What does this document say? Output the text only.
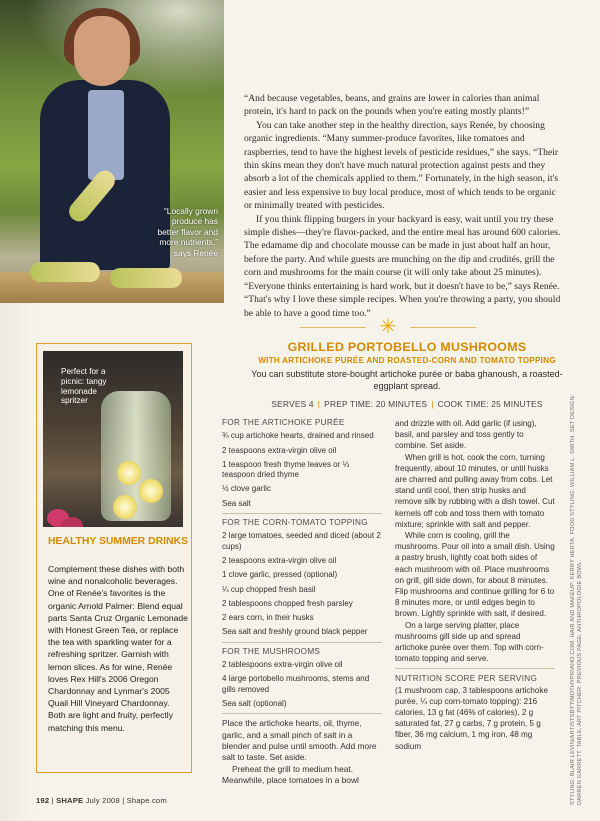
“Locally grown produce has better flavor and more nutrients,” says Renée

“And because vegetables, beans, and grains are lower in calories than animal protein, it's hard to pack on the pounds when you're eating mostly plants!”

You can take another step in the healthy direction, says Renée, by choosing organic ingredients. “Many summer-produce favorites, like tomatoes and raspberries, tend to have the highest levels of pesticide residues,” she says. “Their thin skins mean they don't have much natural protection against pests and they absorb a lot of the chemicals applied to them.” Fortunately, in the high season, it's easier and less expensive to buy local produce, most of which tends to be organic or minimally treated with pesticides.

If you think flipping burgers in your backyard is easy, wait until you try these simple dishes—they're flavor-packed, and the entire meal has around 600 calories. The edamame dip and chocolate mousse can be made in just about half an hour, before the party. And while guests are munching on the dip and crudités, grill the corn and mushrooms for the main course (it will only take about 25 minutes). “Everyone thinks entertaining is hard work, but it doesn't have to be,” says Renée. “That's why I love these simple recipes. When you're throwing a party, you should be able to have a good time too.”

✳
GRILLED PORTOBELLO MUSHROOMS
WITH ARTICHOKE PURÉE AND ROASTED-CORN AND TOMATO TOPPING
You can substitute store-bought artichoke purée or baba ghanoush, a roasted-eggplant spread.
SERVES 4 | PREP TIME: 20 MINUTES | COOK TIME: 25 MINUTES
Perfect for a picnic: tangy lemonade spritzer
HEALTHY SUMMER DRINKS
Complement these dishes with both wine and nonalcoholic beverages. One of Renée's favorites is the organic Arnold Palmer: Blend equal parts Santa Cruz Organic Lemonade with Honest Green Tea, or replace the tea with sparkling water for a refreshing spritzer. Garnish with lemon slices. As for wine, Renée loves Rex Hill's 2006 Oregon Chardonnay and Lynmar's 2005 Quail Hill Vineyard Chardonnay. Both are light and fruity, perfectly matching this menu.
FOR THE ARTICHOKE PURÉE
¾ cup artichoke hearts, drained and rinsed
2 teaspoons extra-virgin olive oil
1 teaspoon fresh thyme leaves or ⅓ teaspoon dried thyme
½ clove garlic
Sea salt
FOR THE CORN-TOMATO TOPPING
2 large tomatoes, seeded and diced (about 2 cups)
2 teaspoons extra-virgin olive oil
1 clove garlic, pressed (optional)
¼ cup chopped fresh basil
2 tablespoons chopped fresh parsley
2 ears corn, in their husks
Sea salt and freshly ground black pepper
FOR THE MUSHROOMS
2 tablespoons extra-virgin olive oil
4 large portobello mushrooms, stems and gills removed
Sea salt (optional)

Place the artichoke hearts, oil, thyme, garlic, and a small pinch of salt in a blender and pulse until smooth. Add more salt to taste. Set aside.

Preheat the grill to medium heat. Meanwhile, place tomatoes in a bowl

and drizzle with oil. Add garlic (if using), basil, and parsley and toss gently to combine. Set aside.

When grill is hot, cook the corn, turning frequently, about 10 minutes, or until husks are charred and pulling away from cobs. Let stand until cool, then strip husks and remove silk by rubbing with a dish towel. Cut kernels off cob and toss them with tomato mixture; sprinkle with salt and pepper.

While corn is cooling, grill the mushrooms. Pour oil into a small dish. Using a pastry brush, lightly coat both sides of each mushroom with oil. Place mushrooms on grill, gill side down, for about 8 minutes. Flip mushrooms and continue grilling for 6 to 8 minutes more, or until edges begin to brown. Lightly sprinkle with salt, if desired.

On a large serving platter, place mushrooms gill side up and spread artichoke purée over them. Top with corn-tomato topping and serve.

NUTRITION SCORE PER SERVING

(1 mushroom cap, 3 tablespoons artichoke purée, ¼ cup corn-tomato topping): 216 calories, 13 g fat (46% of calories), 2 g saturated fat, 27 g carbs, 7 g protein, 5 g fiber, 36 mg calcium, 1 mg iron, 48 mg sodium

192 | SHAPE July 2008 | Shape.com	STYLING: BLAIR LEVIN/ARTISTSBYTIMOTHYPRIANO.COM. HAIR AND MAKEUP: KERRY HERTA. FOOD STYLING: WILLIAM L. SMITH. SET DESIGN: DARREN GARRETT. TABLE, ART PITCHER: PREVIOUS PAGE: ANTHROPOLOGIE BOWL.
